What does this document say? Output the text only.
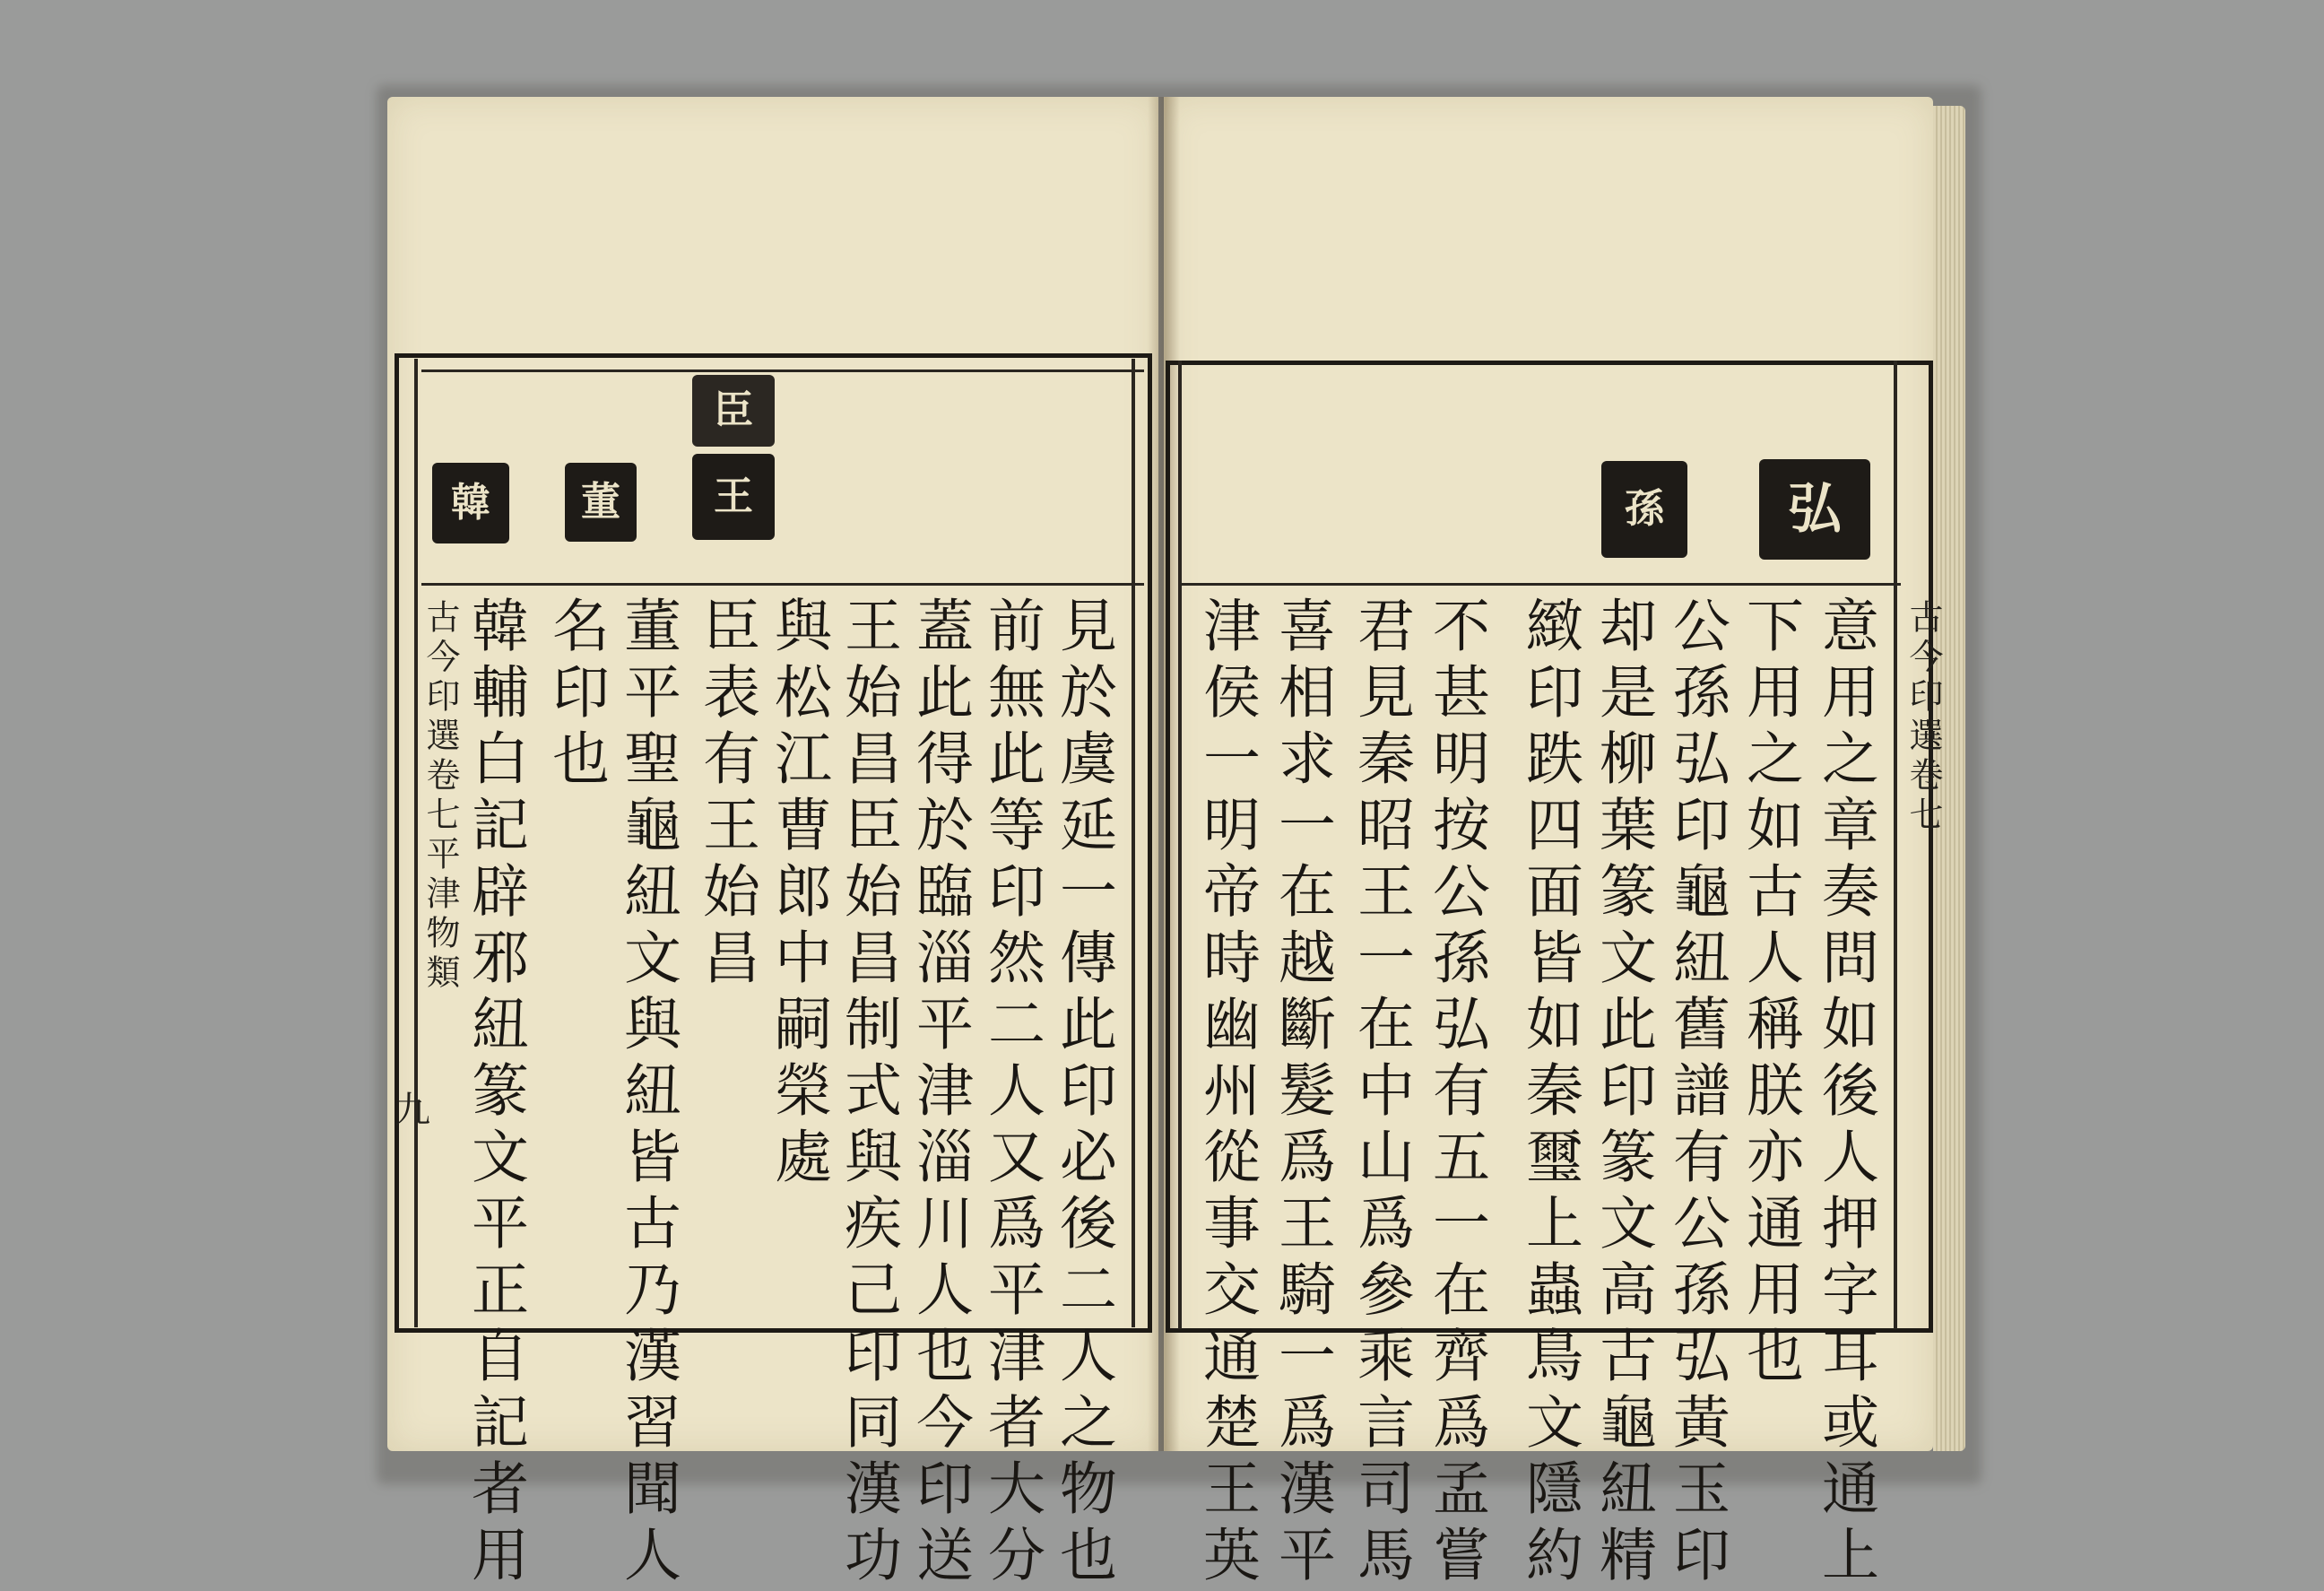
王
臣
董
韓
見於虞延一傳此印必後二人之物也
前無此等印然二人又爲平津者大分
蓋此得於臨淄平津淄川人也今印送
王始昌臣始昌制式與疾己印同漢功
與松江曹郎中嗣榮處
臣表有王始昌
董平聖龜紐文與紐皆古乃漢習聞人
名印也
韓輔白記辟邪紐篆文平正自記者用
古今印選卷七平津物類
九
弘
孫
意用之章奏問如後人押字耳或通上
下用之如古人稱朕亦通用也
公孫弘印龜紐舊譜有公孫弘黃玉印
却是柳葉篆文此印篆文高古龜紐精
緻印跌四面皆如秦璽上蟲鳥文隱約
不甚明按公孫弘有五一在齊爲孟嘗
君見秦昭王一在中山爲參乘言司馬
喜相求一在越斷髮爲王騎一爲漢平
津侯一明帝時幽州從事交通楚王英	古今印選卷七
